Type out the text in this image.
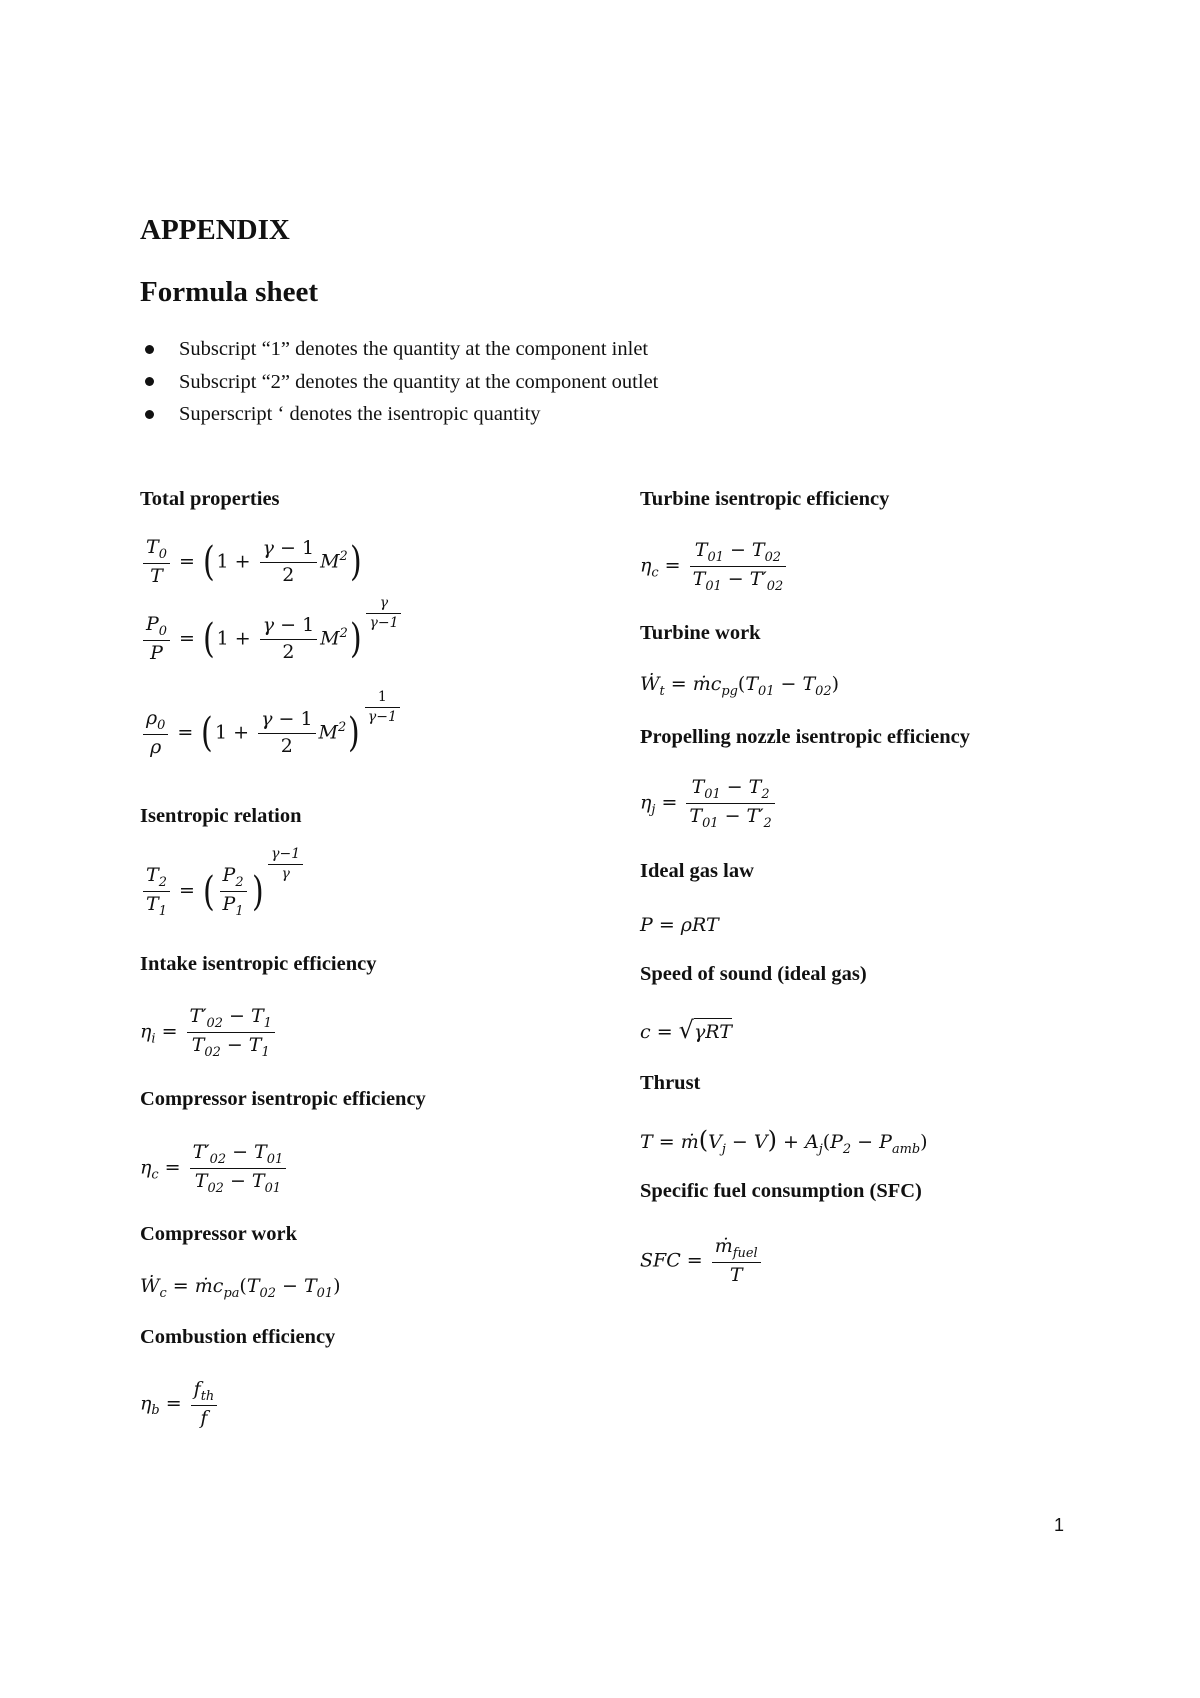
APPENDIX
Formula sheet
Subscript “1” denotes the quantity at the component inlet
Subscript “2” denotes the quantity at the component outlet
Superscript ‘ denotes the isentropic quantity
Total properties
$\frac{T_0}{T}$ = ( $1 + \frac{\gamma - 1}{2} M^2$)
$\frac{P_0}{P}$ = ( $1 + \frac{\gamma - 1}{2} M^2$)
$\frac{\gamma}{\gamma-1}$
$\frac{\rho_0}{\rho}$ = ( $1 + \frac{\gamma - 1}{2} M^2$)
$\frac{1}{\gamma-1}$
Isentropic relation
$\frac{T_2}{T_1}$ = ( $\frac{P_2}{P_1}$ )
$\frac{\gamma-1}{\gamma}$
Intake isentropic efficiency
$\eta_i = \frac{T'_{02} - T_1}{T_{02} - T_1}$
Compressor isentropic efficiency
$\eta_c = \frac{T'_{02} - T_{01}}{T_{02} - T_{01}}$
Compressor work
Ẇ$_c$ = $ṁc_{pa}(T_{02} - T_{01})$
Combustion efficiency
$\eta_b = \frac{f_{th}}{f}$
Turbine isentropic efficiency
$\eta_c = \frac{T_{01} - T_{02}}{T_{01} - T'_{02}}$
Turbine work
Ẇ$_t$ = $ṁc_{pg}(T_{01} - T_{02})$
Propelling nozzle isentropic efficiency
$\eta_j = \frac{T_{01} - T_2}{T_{01} - T'_2}$
Ideal gas law
P = ρRT
Speed of sound (ideal gas)
c = √γRT
Thrust
$T = ṁ(V_j - V) + A_j(P_2 - P_{amb})$
Specific fuel consumption (SFC)
SFC = $\frac{ṁ_{fuel}}{T}$
1
